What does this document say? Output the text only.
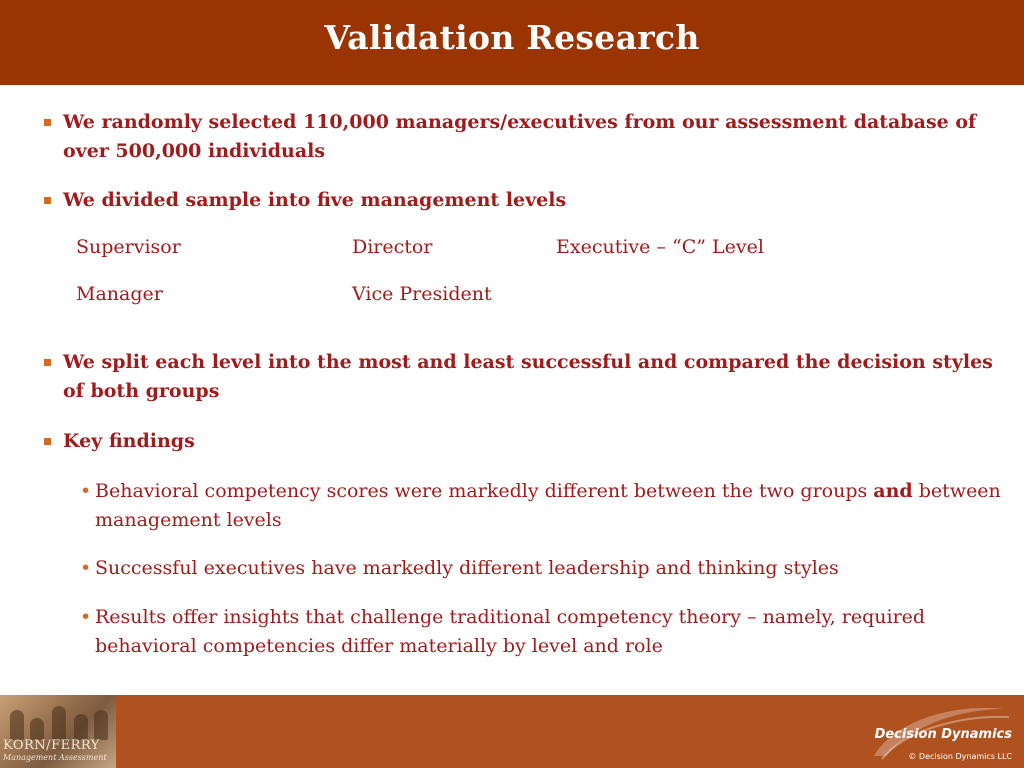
Validation Research
We randomly selected 110,000 managers/executives from our assessment database of over 500,000 individuals
We divided sample into five management levels
Supervisor	Director	Executive – “C” Level
Manager	Vice President
We split each level into the most and least successful and compared the decision styles of both groups
Key findings
• Behavioral competency scores were markedly different between the two groups and between management levels
• Successful executives have markedly different leadership and thinking styles
• Results offer insights that challenge traditional competency theory – namely, required behavioral competencies differ materially by level and role
KORN/FERRY
Management Assessment
Decision Dynamics
© Decision Dynamics LLC
